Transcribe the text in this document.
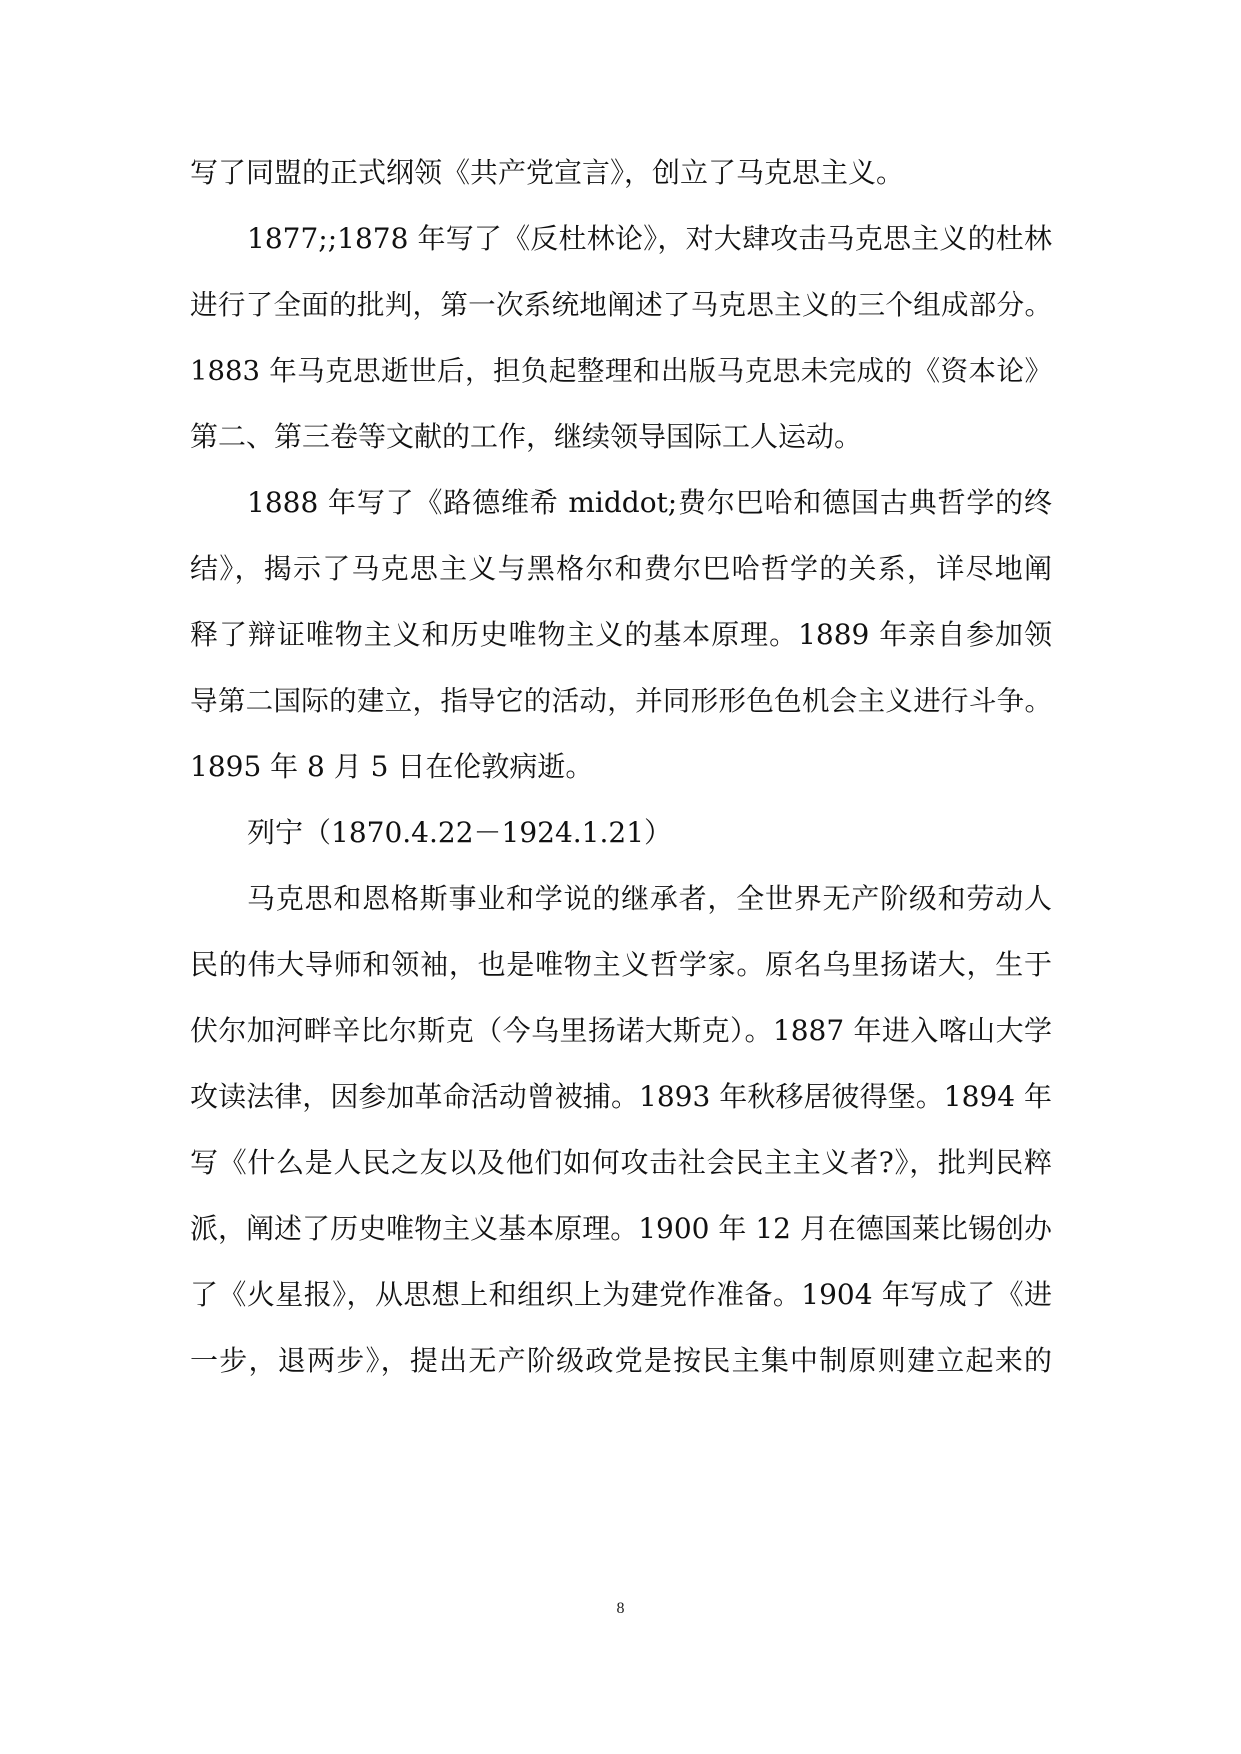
写了同盟的正式纲领《共产党宣言》，创立了马克思主义。
1877;;1878 年写了《反杜林论》，对大肆攻击马克思主义的杜林
进行了全面的批判，第一次系统地阐述了马克思主义的三个组成部分。
1883 年马克思逝世后，担负起整理和出版马克思未完成的《资本论》
第二、第三卷等文献的工作，继续领导国际工人运动。
1888 年写了《路德维希 middot;费尔巴哈和德国古典哲学的终
结》，揭示了马克思主义与黑格尔和费尔巴哈哲学的关系，详尽地阐
释了辩证唯物主义和历史唯物主义的基本原理。1889 年亲自参加领
导第二国际的建立，指导它的活动，并同形形色色机会主义进行斗争。
1895 年 8 月 5 日在伦敦病逝。
列宁（1870.4.22－1924.1.21）
马克思和恩格斯事业和学说的继承者，全世界无产阶级和劳动人
民的伟大导师和领袖，也是唯物主义哲学家。原名乌里扬诺大，生于
伏尔加河畔辛比尔斯克（今乌里扬诺大斯克）。1887 年进入喀山大学
攻读法律，因参加革命活动曾被捕。1893 年秋移居彼得堡。1894 年
写《什么是人民之友以及他们如何攻击社会民主主义者?》，批判民粹
派，阐述了历史唯物主义基本原理。1900 年 12 月在德国莱比锡创办
了《火星报》，从思想上和组织上为建党作准备。1904 年写成了《进
一步，退两步》，提出无产阶级政党是按民主集中制原则建立起来的
8
